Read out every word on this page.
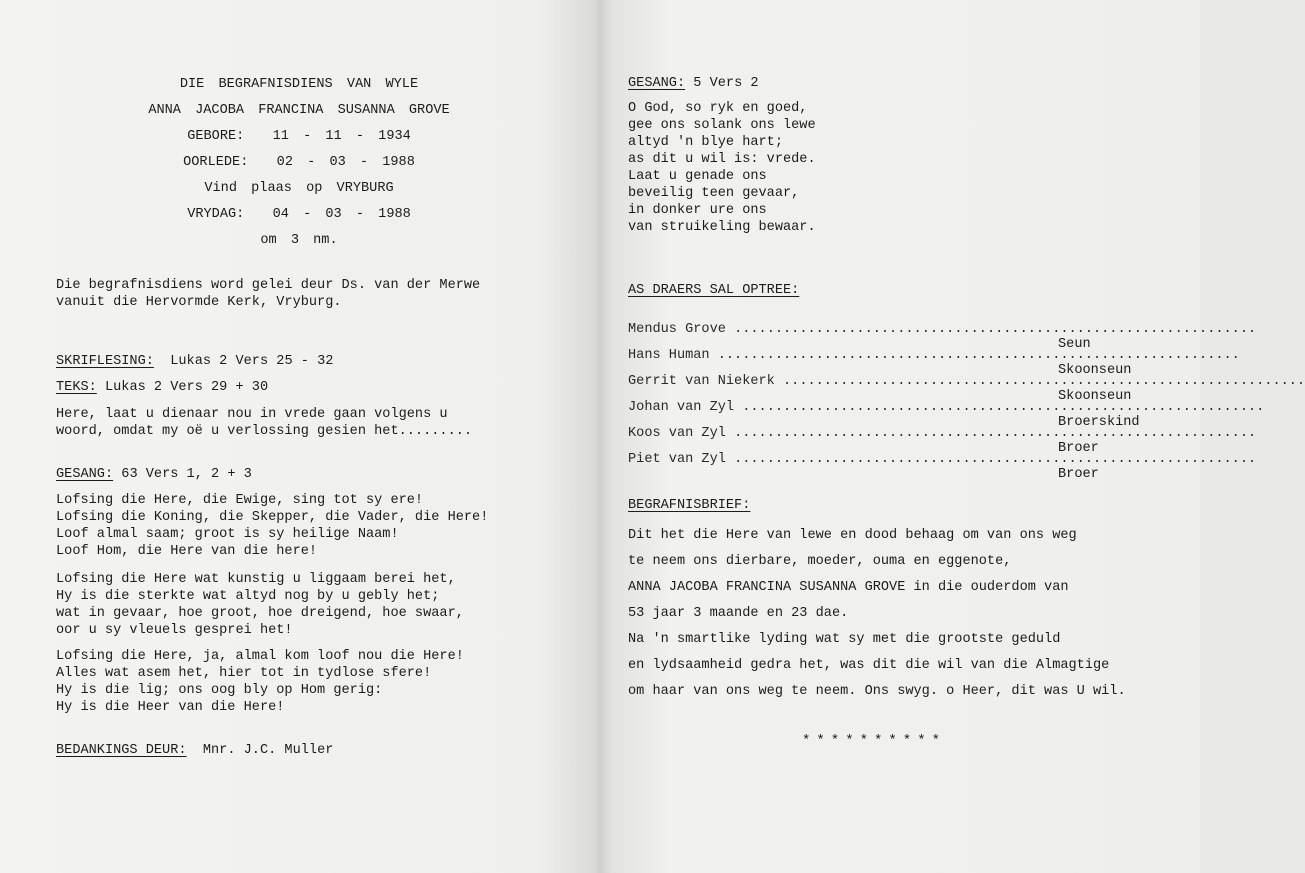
DIE BEGRAFNISDIENS VAN WYLE
ANNA JACOBA FRANCINA SUSANNA GROVE
GEBORE:  11 - 11 - 1934
OORLEDE:  02 - 03 - 1988
Vind plaas op VRYBURG
VRYDAG:  04 - 03 - 1988
om 3 nm.
Die begrafnisdiens word gelei deur Ds. van der Merwe
vanuit die Hervormde Kerk, Vryburg.
SKRIFLESING: Lukas 2 Vers 25 - 32
TEKS: Lukas 2 Vers 29 + 30
Here, laat u dienaar nou in vrede gaan volgens u
woord, omdat my oë u verlossing gesien het.........
GESANG: 63 Vers 1, 2 + 3
Lofsing die Here, die Ewige, sing tot sy ere!
Lofsing die Koning, die Skepper, die Vader, die Here!
Loof almal saam; groot is sy heilige Naam!
Loof Hom, die Here van die here!
Lofsing die Here wat kunstig u liggaam berei het,
Hy is die sterkte wat altyd nog by u gebly het;
wat in gevaar, hoe groot, hoe dreigend, hoe swaar,
oor u sy vleuels gesprei het!
Lofsing die Here, ja, almal kom loof nou die Here!
Alles wat asem het, hier tot in tydlose sfere!
Hy is die lig; ons oog bly op Hom gerig:
Hy is die Heer van die Here!
BEDANKINGS DEUR: Mnr. J.C. Muller
GESANG: 5 Vers 2
O God, so ryk en goed,
gee ons solank ons lewe
altyd 'n blye hart;
as dit u wil is: vrede.
Laat u genade ons
beveilig teen gevaar,
in donker ure ons
van struikeling bewaar.
AS DRAERS SAL OPTREE:

Mendus Grove ................................................................

Seun

Hans Human ................................................................

Skoonseun

Gerrit van Niekerk ................................................................

Skoonseun

Johan van Zyl ................................................................

Broerskind

Koos van Zyl ................................................................

Broer

Piet van Zyl ................................................................

Broer

BEGRAFNISBRIEF:
Dit het die Here van lewe en dood behaag om van ons weg
te neem ons dierbare, moeder, ouma en eggenote,
ANNA JACOBA FRANCINA SUSANNA GROVE in die ouderdom van
53 jaar 3 maande en 23 dae.
Na 'n smartlike lyding wat sy met die grootste geduld
en lydsaamheid gedra het, was dit die wil van die Almagtige
om haar van ons weg te neem. Ons swyg. o Heer, dit was U wil.
**********
